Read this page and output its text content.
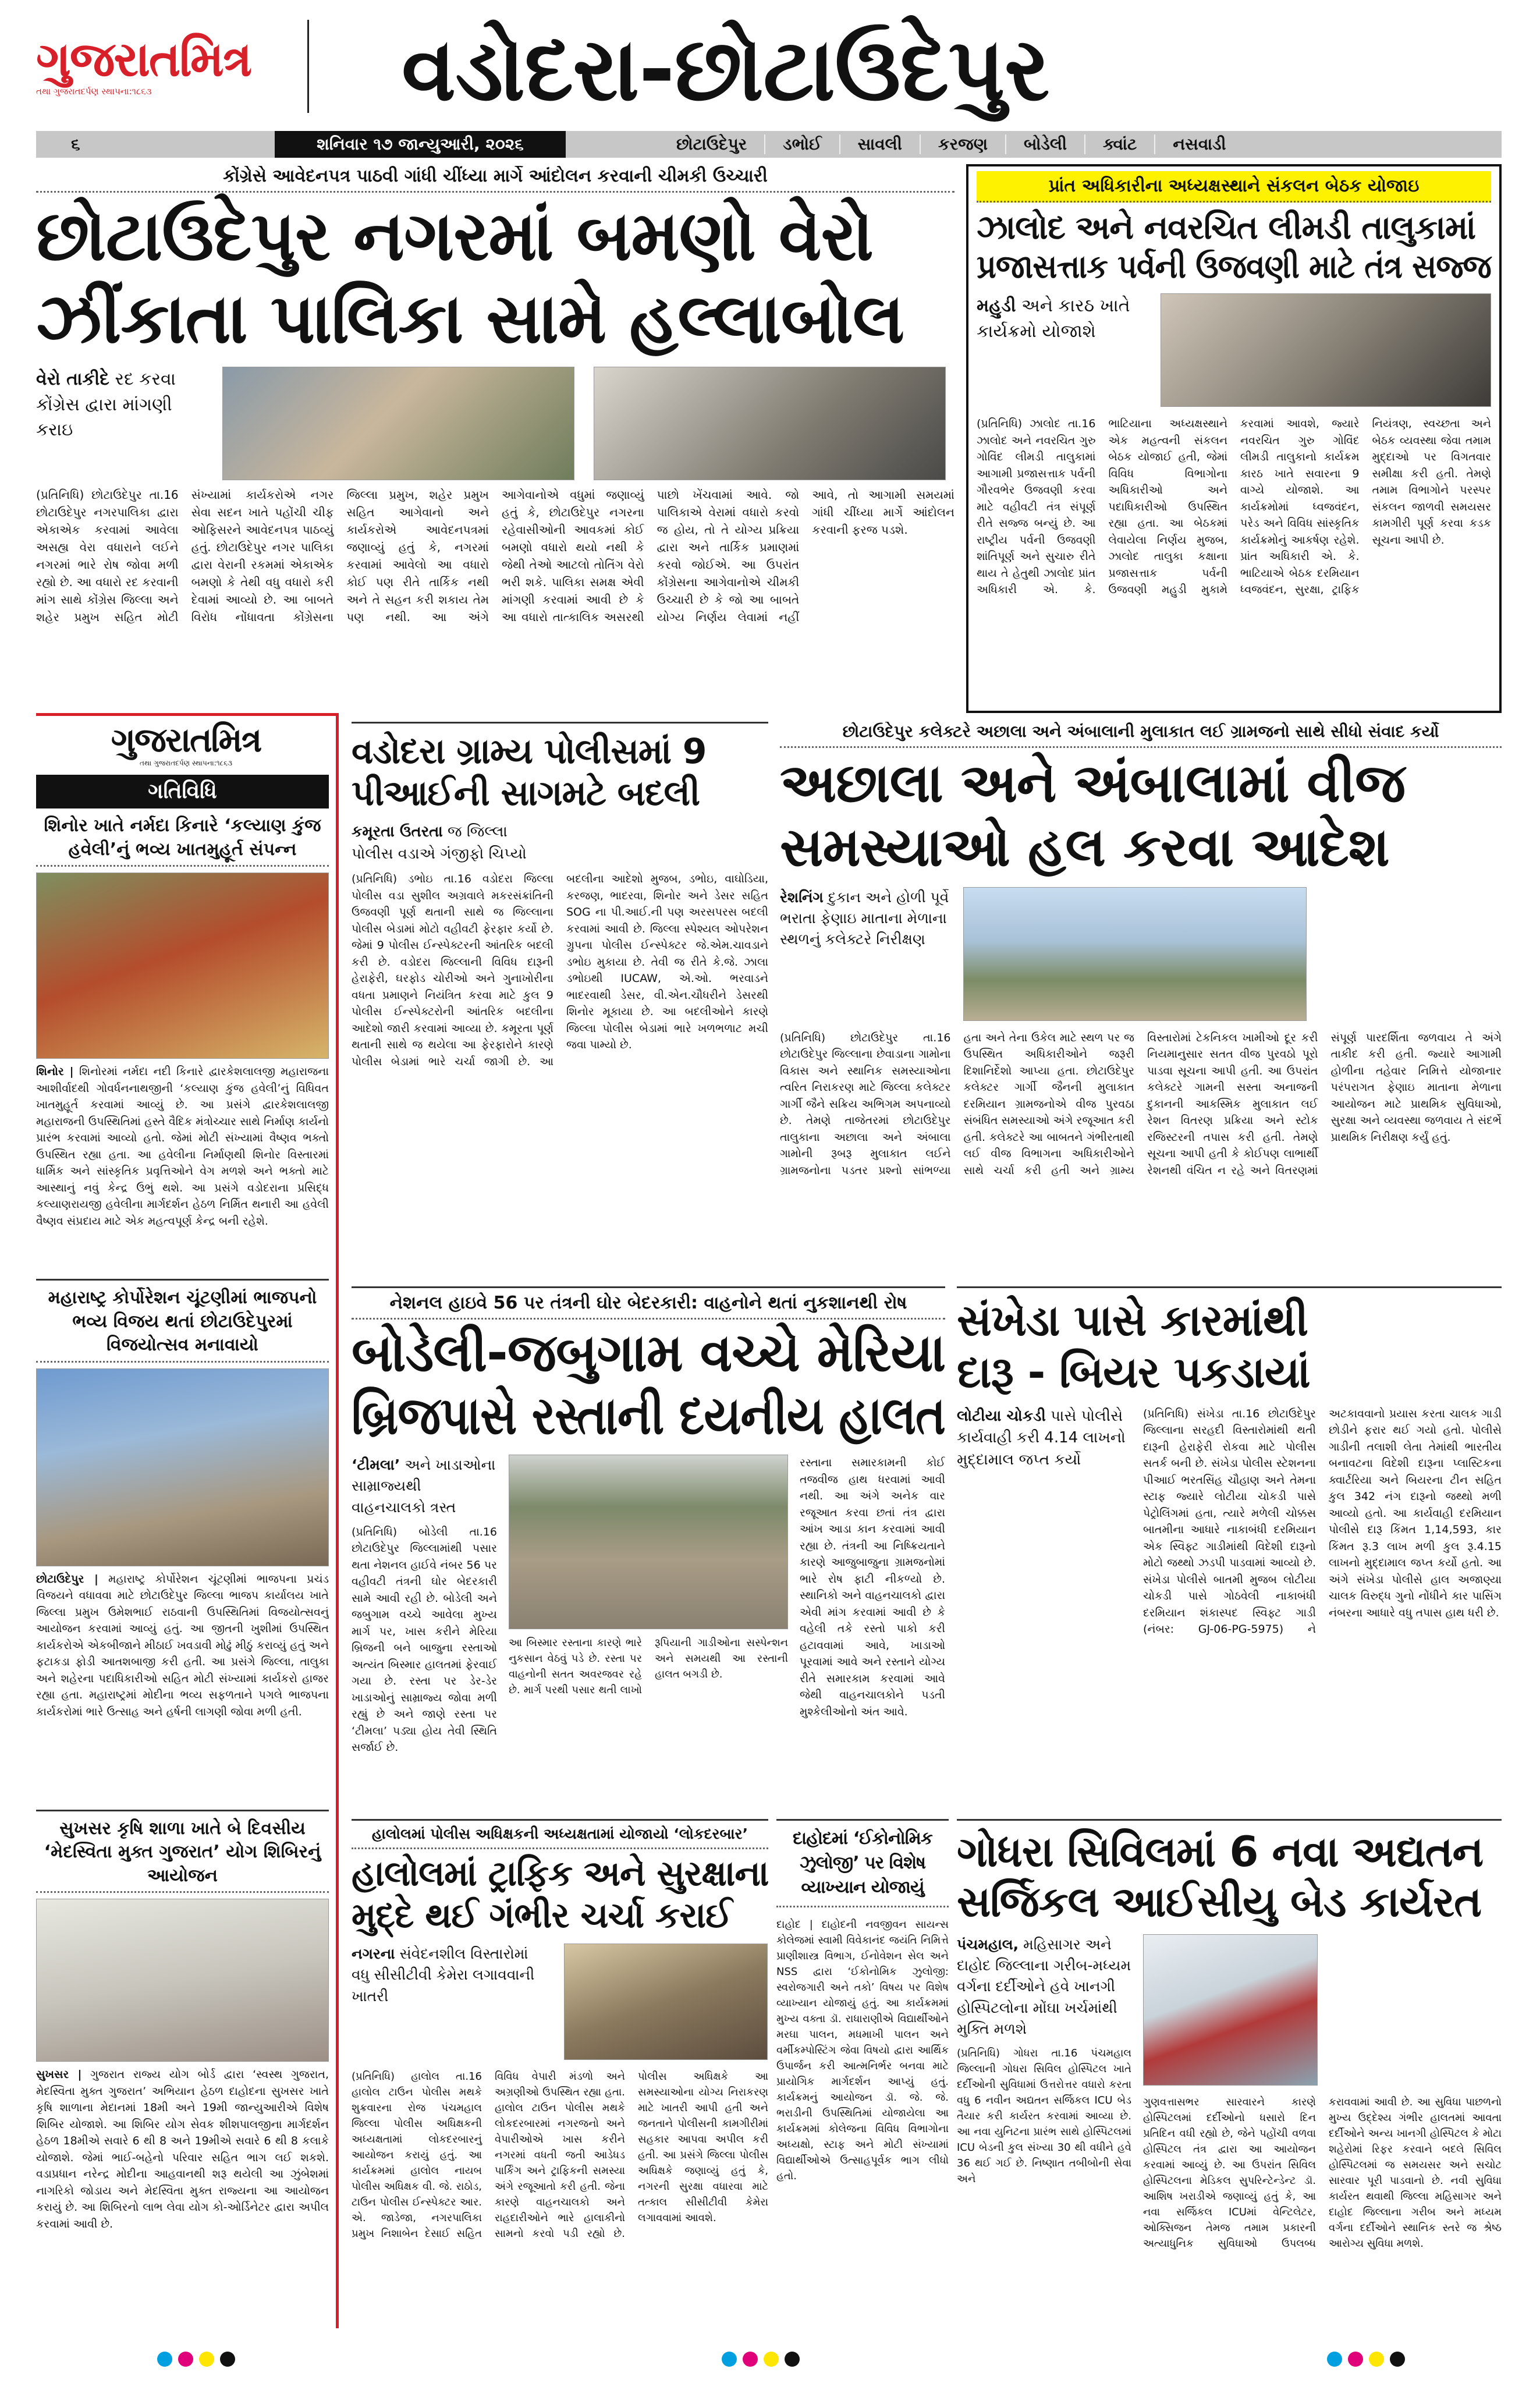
ગુજરાતમિત્ર
તથા ગુજરાતદર્પણ સ્થાપના:૧૮૬૩	વડોદરા-છોટાઉદેપુર
૬	શનિવાર ૧૭ જાન્યુઆરી, ૨૦૨૬	છોટાઉદેપુર	ડભોઈ	સાવલી	કરજણ	બોડેલી	ક્વાંટ	નસવાડી
કોંગ્રેસે આવેદનપત્ર પાઠવી ગાંધી ચીંધ્યા માર્ગે આંદોલન કરવાની ચીમકી ઉચ્ચારી
છોટાઉદેપુર નગરમાં બમણો વેરો
ઝીંકાતા પાલિકા સામે હલ્લાબોલ
વેરો તાકીદે રદ કરવા કોંગ્રેસ દ્વારા માંગણી કરાઇ
(પ્રતિનિધિ) છોટાઉદેપુર તા.16 છોટાઉદેપુર નગરપાલિકા દ્વારા એકાએક કરવામાં આવેલા અસહ્ય વેરા વધારાને લઈને નગરમાં ભારે રોષ જોવા મળી રહ્યો છે. આ વધારો રદ કરવાની માંગ સાથે કોંગ્રેસ જિલ્લા અને શહેર પ્રમુખ સહિત મોટી સંખ્યામાં કાર્યકરોએ નગર સેવા સદન ખાતે પહોંચી ચીફ ઓફિસરને આવેદનપત્ર પાઠવ્યું હતું. છોટાઉદેપુર નગર પાલિકા દ્વારા વેરાની રકમમાં એકાએક બમણો કે તેથી વધુ વધારો કરી દેવામાં આવ્યો છે. આ બાબતે વિરોધ નોંધાવતા કોંગ્રેસના જિલ્લા પ્રમુખ, શહેર પ્રમુખ સહિત આગેવાનો અને કાર્યકરોએ આવેદનપત્રમાં જણાવ્યું હતું કે, નગરમાં કરવામાં આવેલો આ વધારો કોઈ પણ રીતે તાર્કિક નથી અને તે સહન કરી શકાય તેમ પણ નથી. આ અંગે આગેવાનોએ વધુમાં જણાવ્યું હતું કે, છોટાઉદેપુર નગરના રહેવાસીઓની આવકમાં કોઈ બમણો વધારો થયો નથી કે જેથી તેઓ આટલો તોતિંગ વેરો ભરી શકે. પાલિકા સમક્ષ એવી માંગણી કરવામાં આવી છે કે આ વધારો તાત્કાલિક અસરથી પાછો ખેંચવામાં આવે. જો પાલિકાએ વેરામાં વધારો કરવો જ હોય, તો તે યોગ્ય પ્રક્રિયા દ્વારા અને તાર્કિક પ્રમાણમાં કરવો જોઈએ. આ ઉપરાંત કોંગ્રેસના આગેવાનોએ ચીમકી ઉચ્ચારી છે કે જો આ બાબતે યોગ્ય નિર્ણય લેવામાં નહીં આવે, તો આગામી સમયમાં ગાંધી ચીંધ્યા માર્ગે આંદોલન કરવાની ફરજ પડશે.
પ્રાંત અધિકારીના અધ્યક્ષસ્થાને સંકલન બેઠક યોજાઇ
ઝાલોદ અને નવરચિત લીમડી તાલુકામાં
પ્રજાસત્તાક પર્વની ઉજવણી માટે તંત્ર સજ્જ
મહુડી અને કારઠ ખાતે કાર્યક્રમો યોજાશે
(પ્રતિનિધિ) ઝાલોદ તા.16 ઝાલોદ અને નવરચિત ગુરુ ગોવિંદ લીમડી તાલુકામાં આગામી પ્રજાસત્તાક પર્વની ગૌરવભેર ઉજવણી કરવા માટે વહીવટી તંત્ર સંપૂર્ણ રીતે સજ્જ બન્યું છે. આ રાષ્ટ્રીય પર્વની ઉજવણી શાંતિપૂર્ણ અને સુચારુ રીતે થાય તે હેતુથી ઝાલોદ પ્રાંત અધિકારી એ. કે. ભાટિયાના અધ્યક્ષસ્થાને એક મહત્વની સંકલન બેઠક યોજાઈ હતી, જેમાં વિવિધ વિભાગોના અધિકારીઓ અને પદાધિકારીઓ ઉપસ્થિત રહ્યા હતા. આ બેઠકમાં લેવાયેલા નિર્ણય મુજબ, ઝાલોદ તાલુકા કક્ષાના પ્રજાસત્તાક પર્વની ઉજવણી મહુડી મુકામે કરવામાં આવશે, જ્યારે નવરચિત ગુરુ ગોવિંદ લીમડી તાલુકાનો કાર્યક્રમ કારઠ ખાતે સવારના 9 વાગ્યે યોજાશે. આ કાર્યક્રમોમાં ધ્વજવંદન, પરેડ અને વિવિધ સાંસ્કૃતિક કાર્યક્રમોનું આકર્ષણ રહેશે. પ્રાંત અધિકારી એ. કે. ભાટિયાએ બેઠક દરમિયાન ધ્વજવંદન, સુરક્ષા, ટ્રાફિક નિયંત્રણ, સ્વચ્છતા અને બેઠક વ્યવસ્થા જેવા તમામ મુદ્દાઓ પર વિગતવાર સમીક્ષા કરી હતી. તેમણે તમામ વિભાગોને પરસ્પર સંકલન જાળવી સમયસર કામગીરી પૂર્ણ કરવા કડક સૂચના આપી છે.
ગુજરાતમિત્ર
તથા ગુજરાતદર્પણ સ્થાપના:૧૮૬૩
ગતિવિધિ
શિનોર ખાતે નર્મદા કિનારે ‘કલ્યાણ કુંજ હવેલી’નું ભવ્ય ખાતમુહૂર્ત સંપન્ન
શિનોર | શિનોરમાં નર્મદા નદી કિનારે દ્વારકેશલાલજી મહારાજના આશીર્વાદથી ગોવર્ધનનાથજીની ‘કલ્યાણ કુંજ હવેલી’નું વિધિવત ખાતમુહૂર્ત કરવામાં આવ્યું છે. આ પ્રસંગે દ્વારકેશલાલજી મહારાજની ઉપસ્થિતિમાં હસ્તે વૈદિક મંત્રોચ્ચાર સાથે નિર્માણ કાર્યનો પ્રારંભ કરવામાં આવ્યો હતો. જેમાં મોટી સંખ્યામાં વૈષ્ણવ ભક્તો ઉપસ્થિત રહ્યા હતા. આ હવેલીના નિર્માણથી શિનોર વિસ્તારમાં ધાર્મિક અને સાંસ્કૃતિક પ્રવૃત્તિઓને વેગ મળશે અને ભક્તો માટે આસ્થાનું નવું કેન્દ્ર ઉભું થશે. આ પ્રસંગે વડોદરાના પ્રસિદ્ધ કલ્યાણરાયજી હવેલીના માર્ગદર્શન હેઠળ નિર્મિત થનારી આ હવેલી વૈષ્ણવ સંપ્રદાય માટે એક મહત્વપૂર્ણ કેન્દ્ર બની રહેશે.
મહારાષ્ટ્ર કોર્પોરેશન ચૂંટણીમાં ભાજપનો ભવ્ય વિજય થતાં છોટાઉદેપુરમાં વિજયોત્સવ મનાવાયો
છોટાઉદેપુર | મહારાષ્ટ્ર કોર્પોરેશન ચૂંટણીમાં ભાજપના પ્રચંડ વિજયને વધાવવા માટે છોટાઉદેપુર જિલ્લા ભાજપ કાર્યાલય ખાતે જિલ્લા પ્રમુખ ઉમેશભાઈ રાઠવાની ઉપસ્થિતિમાં વિજયોત્સવનું આયોજન કરવામાં આવ્યું હતું. આ જીતની ખુશીમાં ઉપસ્થિત કાર્યકરોએ એકબીજાને મીઠાઈ ખવડાવી મોઢું મીઠું કરાવ્યું હતું અને ફટાકડા ફોડી આતશબાજી કરી હતી. આ પ્રસંગે જિલ્લા, તાલુકા અને શહેરના પદાધિકારીઓ સહિત મોટી સંખ્યામાં કાર્યકરો હાજર રહ્યા હતા. મહારાષ્ટ્રમાં મોદીના ભવ્ય સફળતાને પગલે ભાજપના કાર્યકરોમાં ભારે ઉત્સાહ અને હર્ષની લાગણી જોવા મળી હતી.
સુખસર કૃષિ શાળા ખાતે બે દિવસીય ‘મેદસ્વિતા મુક્ત ગુજરાત’ યોગ શિબિરનું આયોજન
સુખસર | ગુજરાત રાજ્ય યોગ બોર્ડ દ્વારા ‘સ્વસ્થ ગુજરાત, મેદસ્વિતા મુક્ત ગુજરાત’ અભિયાન હેઠળ દાહોદના સુખસર ખાતે કૃષિ શાળાના મેદાનમાં 18મી અને 19મી જાન્યુઆરીએ વિશેષ શિબિર યોજાશે. આ શિબિર યોગ સેવક શીશપાલજીના માર્ગદર્શન હેઠળ 18મીએ સવારે 6 થી 8 અને 19મીએ સવારે 6 થી 8 કલાકે યોજાશે. જેમાં ભાઈ-બહેનો પરિવાર સહિત ભાગ લઈ શકશે. વડાપ્રધાન નરેન્દ્ર મોદીના આહવાનથી શરૂ થયેલી આ ઝુંબેશમાં નાગરિકો જોડાય અને મેદસ્વિતા મુક્ત રાજ્યના આ આયોજન કરાયું છે. આ શિબિરનો લાભ લેવા યોગ કો-ઓર્ડિનેટર દ્વારા અપીલ કરવામાં આવી છે.
વડોદરા ગ્રામ્ય પોલીસમાં 9
પીઆઈની સાગમટે બદલી
કમૂરતા ઉતરતા જ જિલ્લા પોલીસ વડાએ ગંજીફો ચિપ્યો
(પ્રતિનિધિ) ડભોઇ તા.16 વડોદરા જિલ્લા પોલીસ વડા સુશીલ અગ્રવાલે મકરસંક્રાંતિની ઉજવણી પૂર્ણ થતાની સાથે જ જિલ્લાના પોલીસ બેડામાં મોટો વહીવટી ફેરફાર કર્યો છે. જેમાં 9 પોલીસ ઈન્સ્પેક્ટરની આંતરિક બદલી કરી છે. વડોદરા જિલ્લાની વિવિધ દારૂની હેરાફેરી, ઘરફોડ ચોરીઓ અને ગુનાખોરીના વધતા પ્રમાણને નિયંત્રિત કરવા માટે કુલ 9 પોલીસ ઈન્સ્પેક્ટરોની આંતરિક બદલીના આદેશો જારી કરવામાં આવ્યા છે. કમૂરતા પૂર્ણ થતાની સાથે જ થયેલા આ ફેરફારોને કારણે પોલીસ બેડામાં ભારે ચર્ચા જાગી છે. આ બદલીના આદેશો મુજબ, ડભોઇ, વાઘોડિયા, કરજણ, ભાદરવા, શિનોર અને ડેસર સહિત SOG ના પી.આઈ.ની પણ અરસપરસ બદલી કરવામાં આવી છે. જિલ્લા સ્પેશ્યલ ઓપરેશન ગ્રુપના પોલીસ ઈન્સ્પેક્ટર જે.એમ.ચાવડાને ડભોઇ મુકાયા છે. તેવી જ રીતે કે.જે. ઝાલા ડભોઇથી IUCAW, એ.ઓ. ભરવાડને ભાદરવાથી ડેસર, વી.એન.ચૌધરીને ડેસરથી શિનોર મૂકાયા છે. આ બદલીઓને કારણે જિલ્લા પોલીસ બેડામાં ભારે ખળભળાટ મચી જવા પામ્યો છે.
છોટાઉદેપુર કલેક્ટરે અછાલા અને અંબાલાની મુલાકાત લઈ ગ્રામજનો સાથે સીધો સંવાદ કર્યો
અછાલા અને અંબાલામાં વીજ
સમસ્યાઓ હલ કરવા આદેશ
રેશનિંગ દુકાન અને હોળી પૂર્વે ભરાતા ફેણાઇ માતાના મેળાના સ્થળનું કલેક્ટરે નિરીક્ષણ
(પ્રતિનિધિ) છોટાઉદેપુર તા.16 છોટાઉદેપુર જિલ્લાના છેવાડાના ગામોના વિકાસ અને સ્થાનિક સમસ્યાઓના ત્વરિત નિરાકરણ માટે જિલ્લા કલેક્ટર ગાર્ગી જૈને સક્રિય અભિગમ અપનાવ્યો છે. તેમણે તાજેતરમાં છોટાઉદેપુર તાલુકાના અછાલા અને અંબાલા ગામોની રૂબરૂ મુલાકાત લઈને ગ્રામજનોના પડતર પ્રશ્નો સાંભળ્યા હતા અને તેના ઉકેલ માટે સ્થળ પર જ ઉપસ્થિત અધિકારીઓને જરૂરી દિશાનિર્દેશો આપ્યા હતા. છોટાઉદેપુર કલેક્ટર ગાર્ગી જૈનની મુલાકાત દરમિયાન ગ્રામજનોએ વીજ પુરવઠા સંબંધિત સમસ્યાઓ અંગે રજૂઆત કરી હતી. કલેક્ટરે આ બાબતને ગંભીરતાથી લઈ વીજ વિભાગના અધિકારીઓને સાથે ચર્ચા કરી હતી અને ગ્રામ્ય વિસ્તારોમાં ટેકનિકલ ખામીઓ દૂર કરી નિયમાનુસાર સતત વીજ પુરવઠો પૂરો પાડવા સૂચના આપી હતી. આ ઉપરાંત કલેક્ટરે ગામની સસ્તા અનાજની દુકાનની આકસ્મિક મુલાકાત લઈ રેશન વિતરણ પ્રક્રિયા અને સ્ટોક રજિસ્ટરની તપાસ કરી હતી. તેમણે સૂચના આપી હતી કે કોઈપણ લાભાર્થી રેશનથી વંચિત ન રહે અને વિતરણમાં સંપૂર્ણ પારદર્શિતા જળવાય તે અંગે તાકીદ કરી હતી. જ્યારે આગામી હોળીના તહેવાર નિમિત્તે યોજાનાર પરંપરાગત ફેણાઇ માતાના મેળાના આયોજન માટે પ્રાથમિક સુવિધાઓ, સુરક્ષા અને વ્યવસ્થા જળવાય તે સંદર્ભે પ્રાથમિક નિરીક્ષણ કર્યું હતું.
નેશનલ હાઇવે 56 પર તંત્રની ઘોર બેદરકારી: વાહનોને થતાં નુકશાનથી રોષ
બોડેલી-જબુગામ વચ્ચે મેરિયા
બ્રિજપાસે રસ્તાની દયનીય હાલત
‘ટીમલા’ અને ખાડાઓના સામ્રાજ્યથી વાહનચાલકો ત્રસ્ત
(પ્રતિનિધિ) બોડેલી તા.16 છોટાઉદેપુર જિલ્લામાંથી પસાર થતા નેશનલ હાઈવે નંબર 56 પર વહીવટી તંત્રની ઘોર બેદરકારી સામે આવી રહી છે. બોડેલી અને જબુગામ વચ્ચે આવેલા મુખ્ય માર્ગ પર, ખાસ કરીને મેરિયા બ્રિજની બને બાજુના રસ્તાઓ અત્યંત બિસ્માર હાલતમાં ફેરવાઈ ગયા છે. રસ્તા પર ડેર-ડેર ખાડાઓનું સામ્રાજ્ય જોવા મળી રહ્યું છે અને જાણે રસ્તા પર ‘ટીમલા’ પડ્યા હોય તેવી સ્થિતિ સર્જાઈ છે.
આ બિસ્માર રસ્તાના કારણે ભારે નુકસાન વેઠવું પડે છે. રસ્તા પર વાહનોની સતત અવરજવર રહે છે. માર્ગ પરથી પસાર થતી લાખો રૂપિયાની ગાડીઓના સસ્પેન્શન અને સમયથી આ રસ્તાની હાલત બગડી છે.
રસ્તાના સમારકામની કોઈ તજવીજ હાથ ધરવામાં આવી નથી. આ અંગે અનેક વાર રજૂઆત કરવા છતાં તંત્ર દ્વારા આંખ આડા કાન કરવામાં આવી રહ્યા છે. તંત્રની આ નિષ્ક્રિયતાને કારણે આજુબાજુના ગ્રામજનોમાં ભારે રોષ ફાટી નીકળ્યો છે. સ્થાનિકો અને વાહનચાલકો દ્વારા એવી માંગ કરવામાં આવી છે કે વહેલી તકે રસ્તો પાકો કરી હટાવવામાં આવે, ખાડાઓ પૂરવામાં આવે અને રસ્તાને યોગ્ય રીતે સમારકામ કરવામાં આવે જેથી વાહનચાલકોને પડતી મુશ્કેલીઓનો અંત આવે.
સંખેડા પાસે કારમાંથી
દારૂ - બિયર પકડાયાં
લોટીયા ચોકડી પાસે પોલીસે કાર્યવાહી કરી 4.14 લાખનો મુદ્દામાલ જપ્ત કર્યો
(પ્રતિનિધિ) સંખેડા તા.16 છોટાઉદેપુર જિલ્લાના સરહદી વિસ્તારોમાંથી થતી દારૂની હેરાફેરી રોકવા માટે પોલીસ સતર્ક બની છે. સંખેડા પોલીસ સ્ટેશનના પીઆઈ ભરતસિંહ ચૌહાણ અને તેમના સ્ટાફ જ્યારે લોટીયા ચોકડી પાસે પેટ્રોલિંગમાં હતા, ત્યારે મળેલી ચોક્કસ બાતમીના આધારે નાકાબંધી દરમિયાન એક સ્વિફ્ટ ગાડીમાંથી વિદેશી દારૂનો મોટો જથ્થો ઝડપી પાડવામાં આવ્યો છે. સંખેડા પોલીસે બાતમી મુજબ લોટીયા ચોકડી પાસે ગોઠવેલી નાકાબંધી દરમિયાન શંકાસ્પદ સ્વિફ્ટ ગાડી (નંબર: GJ-06-PG-5975) ને અટકાવવાનો પ્રયાસ કરતા ચાલક ગાડી છોડીને ફરાર થઈ ગયો હતો. પોલીસે ગાડીની તલાશી લેતા તેમાંથી ભારતીય બનાવટના વિદેશી દારૂના પ્લાસ્ટિકના ક્વાર્ટરિયા અને બિયરના ટીન સહિત કુલ 342 નંગ દારૂનો જથ્થો મળી આવ્યો હતો. આ કાર્યવાહી દરમિયાન પોલીસે દારૂ કિંમત 1,14,593, કાર કિંમત રૂ.3 લાખ મળી કુલ રૂ.4.15 લાખનો મુદ્દામાલ જપ્ત કર્યો હતો. આ અંગે સંખેડા પોલીસે હાલ અજાણ્યા ચાલક વિરુદ્ધ ગુનો નોંધીને કાર પાસિંગ નંબરના આધારે વધુ તપાસ હાથ ધરી છે.
હાલોલમાં પોલીસ અધિક્ષકની અધ્યક્ષતામાં યોજાયો ‘લોકદરબાર’
હાલોલમાં ટ્રાફિક અને સુરક્ષાના
મુદ્દે થઈ ગંભીર ચર્ચા કરાઈ
નગરના સંવેદનશીલ વિસ્તારોમાં વધુ સીસીટીવી કેમેરા લગાવવાની ખાતરી
(પ્રતિનિધિ) હાલોલ તા.16 હાલોલ ટાઉન પોલીસ મથકે શુક્રવારના રોજ પંચમહાલ જિલ્લા પોલીસ અધિક્ષકની અધ્યક્ષતામાં લોકદરબારનું આયોજન કરાયું હતું. આ કાર્યક્રમમાં હાલોલ નાયબ પોલીસ અધિક્ષક વી. જે. રાઠોડ, ટાઉન પોલીસ ઈન્સ્પેક્ટર આર. એ. જાડેજા, નગરપાલિકા પ્રમુખ નિશાબેન દેસાઈ સહિત વિવિધ વેપારી મંડળો અને અગ્રણીઓ ઉપસ્થિત રહ્યા હતા. હાલોલ ટાઉન પોલીસ મથકે લોકદરબારમાં નગરજનો અને વેપારીઓએ ખાસ કરીને નગરમાં વધતી જતી આડેધડ પાર્કિંગ અને ટ્રાફિકની સમસ્યા અંગે રજૂઆતો કરી હતી. જેના કારણે વાહનચાલકો અને રાહદારીઓને ભારે હાલાકીનો સામનો કરવો પડી રહ્યો છે. પોલીસ અધિક્ષકે આ સમસ્યાઓના યોગ્ય નિરાકરણ માટે ખાતરી આપી હતી અને જનતાને પોલીસની કામગીરીમાં સહકાર આપવા અપીલ કરી હતી. આ પ્રસંગે જિલ્લા પોલીસ અધિક્ષકે જણાવ્યું હતું કે, નગરની સુરક્ષા વધારવા માટે તત્કાલ સીસીટીવી કેમેરા લગાવવામાં આવશે.
દાહોદમાં ‘ઈકોનોમિક ઝુલોજી’ પર વિશેષ વ્યાખ્યાન યોજાયું
દાહોદ | દાહોદની નવજીવન સાયન્સ કોલેજમાં સ્વામી વિવેકાનંદ જયંતિ નિમિત્તે પ્રાણીશાસ્ત્ર વિભાગ, ઈનોવેશન સેલ અને NSS દ્વારા ‘ઈકોનોમિક ઝુલોજી: સ્વરોજગારી અને તકો’ વિષય પર વિશેષ વ્યાખ્યાન યોજાયું હતું. આ કાર્યક્રમમાં મુખ્ય વક્તા ડૉ. રાધારાણીએ વિદ્યાર્થીઓને મરઘા પાલન, મધમાખી પાલન અને વર્મીકમ્પોસ્ટિંગ જેવા વિષયો દ્વારા આર્થિક ઉપાર્જન કરી આત્મનિર્ભર બનવા માટે પ્રાયોગિક માર્ગદર્શન આપ્યું હતું. કાર્યક્રમનું આયોજન ડૉ. જે. જે. ભરાડીની ઉપસ્થિતિમાં યોજાયેલા આ કાર્યક્રમમાં કોલેજના વિવિધ વિભાગોના અધ્યક્ષો, સ્ટાફ અને મોટી સંખ્યામાં વિદ્યાર્થીઓએ ઉત્સાહપૂર્વક ભાગ લીધો હતો.
ગોધરા સિવિલમાં 6 નવા અદ્યતન
સર્જિકલ આઈસીયુ બેડ કાર્યરત
પંચમહાલ, મહિસાગર અને દાહોદ જિલ્લાના ગરીબ-મધ્યમ વર્ગના દર્દીઓને હવે ખાનગી હોસ્પિટલોના મોંઘા ખર્ચમાંથી મુક્તિ મળશે
(પ્રતિનિધિ) ગોધરા તા.16 પંચમહાલ જિલ્લાની ગોધરા સિવિલ હોસ્પિટલ ખાતે દર્દીઓની સુવિધામાં ઉત્તરોત્તર વધારો કરતા વધુ 6 નવીન અદ્યતન સર્જિકલ ICU બેડ તૈયાર કરી કાર્યરત કરવામાં આવ્યા છે. આ નવા યુનિટના પ્રારંભ સાથે હોસ્પિટલમાં ICU બેડની કુલ સંખ્યા 30 થી વધીને હવે 36 થઈ ગઈ છે. નિષ્ણાત તબીબોની સેવા અને
ગુણવત્તાસભર સારવારને કારણે હોસ્પિટલમાં દર્દીઓનો ધસારો દિન પ્રતિદિન વધી રહ્યો છે, જેને પહોંચી વળવા હોસ્પિટલ તંત્ર દ્વારા આ આયોજન કરવામાં આવ્યું છે. આ ઉપરાંત સિવિલ હોસ્પિટલના મેડિકલ સુપરિન્ટેન્ડેન્ટ ડૉ. આશિષ ખરાડીએ જણાવ્યું હતું કે, આ નવા સર્જિકલ ICUમાં વેન્ટિલેટર, ઓક્સિજન તેમજ તમામ પ્રકારની અત્યાધુનિક સુવિધાઓ ઉપલબ્ધ કરાવવામાં આવી છે. આ સુવિધા પાછળનો મુખ્ય ઉદ્દેશ્ય ગંભીર હાલતમાં આવતા દર્દીઓને અન્ય ખાનગી હોસ્પિટલ કે મોટા શહેરોમાં રિફર કરવાને બદલે સિવિલ હોસ્પિટલમાં જ સમયસર અને સચોટ સારવાર પૂરી પાડવાનો છે. નવી સુવિધા કાર્યરત થવાથી જિલ્લા મહિસાગર અને દાહોદ જિલ્લાના ગરીબ અને મધ્યમ વર્ગના દર્દીઓને સ્થાનિક સ્તરે જ શ્રેષ્ઠ આરોગ્ય સુવિધા મળશે.
